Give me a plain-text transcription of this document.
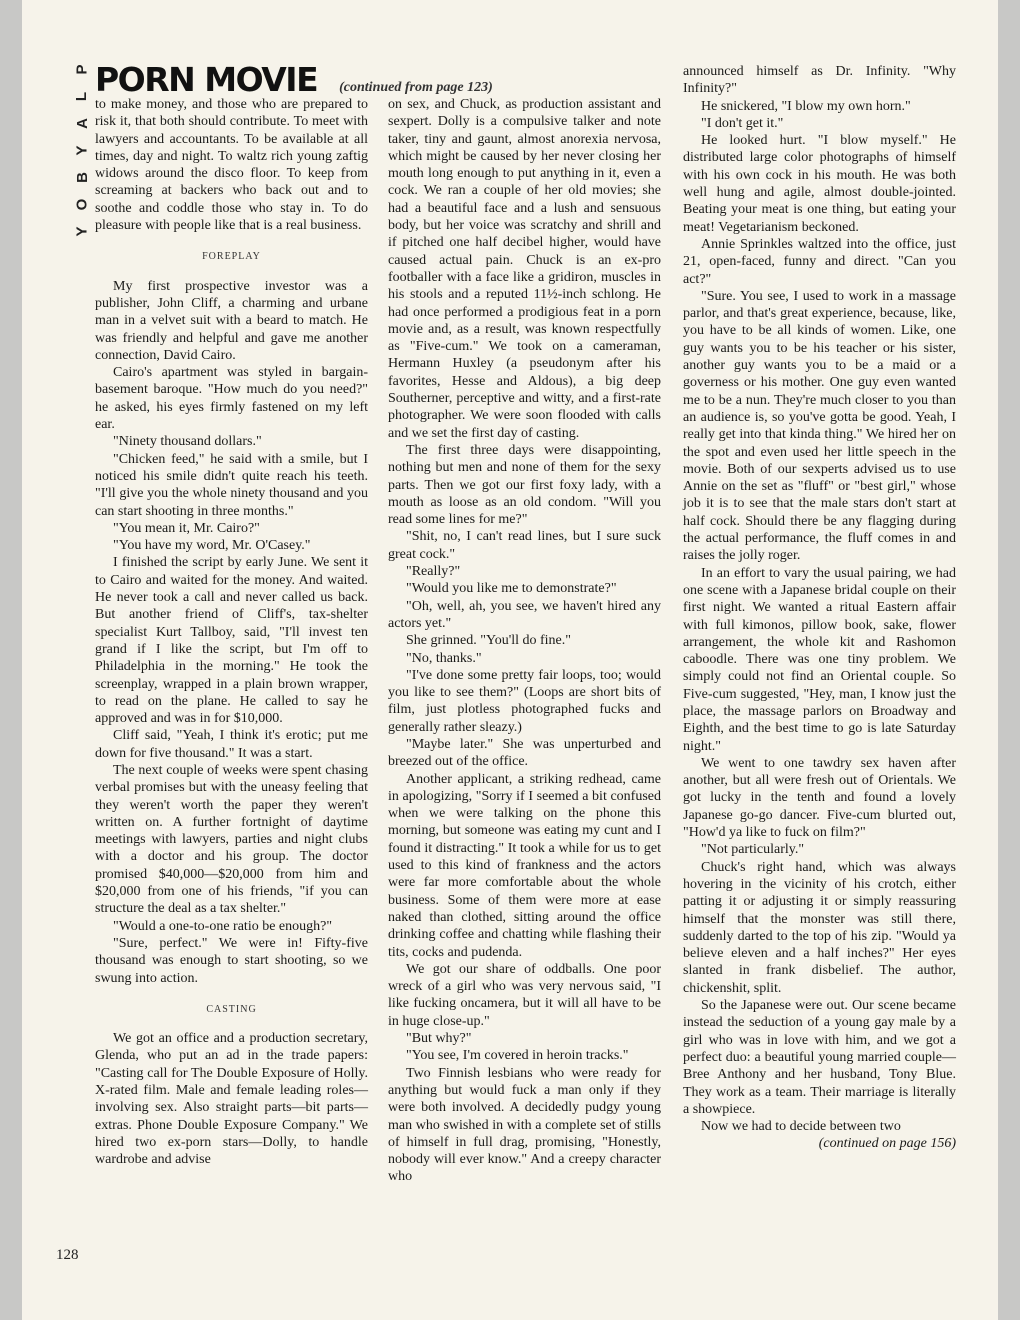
P
L
A
Y
B
O
Y
PORN MOVIE (continued from page 123)

to make money, and those who are prepared to risk it, that both should contribute. To meet with lawyers and accountants. To be available at all times, day and night. To waltz rich young zaftig widows around the disco floor. To keep from screaming at backers who back out and to soothe and coddle those who stay in. To do pleasure with people like that is a real business.

FOREPLAY

My first prospective investor was a publisher, John Cliff, a charming and urbane man in a velvet suit with a beard to match. He was friendly and helpful and gave me another connection, David Cairo.

Cairo's apartment was styled in bargain-basement baroque. "How much do you need?" he asked, his eyes firmly fastened on my left ear.

"Ninety thousand dollars."

"Chicken feed," he said with a smile, but I noticed his smile didn't quite reach his teeth. "I'll give you the whole ninety thousand and you can start shooting in three months."

"You mean it, Mr. Cairo?"

"You have my word, Mr. O'Casey."

I finished the script by early June. We sent it to Cairo and waited for the money. And waited. He never took a call and never called us back. But another friend of Cliff's, tax-shelter specialist Kurt Tallboy, said, "I'll invest ten grand if I like the script, but I'm off to Philadelphia in the morning." He took the screenplay, wrapped in a plain brown wrapper, to read on the plane. He called to say he approved and was in for $10,000.

Cliff said, "Yeah, I think it's erotic; put me down for five thousand." It was a start.

The next couple of weeks were spent chasing verbal promises but with the uneasy feeling that they weren't worth the paper they weren't written on. A further fortnight of daytime meetings with lawyers, parties and night clubs with a doctor and his group. The doctor promised $40,000—$20,000 from him and $20,000 from one of his friends, "if you can structure the deal as a tax shelter."

"Would a one-to-one ratio be enough?"

"Sure, perfect." We were in! Fifty-five thousand was enough to start shooting, so we swung into action.

CASTING

We got an office and a production secretary, Glenda, who put an ad in the trade papers: "Casting call for The Double Exposure of Holly. X-rated film. Male and female leading roles—involving sex. Also straight parts—bit parts—extras. Phone Double Exposure Company." We hired two ex-porn stars—Dolly, to handle wardrobe and advise

on sex, and Chuck, as production assistant and sexpert. Dolly is a compulsive talker and note taker, tiny and gaunt, almost anorexia nervosa, which might be caused by her never closing her mouth long enough to put anything in it, even a cock. We ran a couple of her old movies; she had a beautiful face and a lush and sensuous body, but her voice was scratchy and shrill and if pitched one half decibel higher, would have caused actual pain. Chuck is an ex-pro footballer with a face like a gridiron, muscles in his stools and a reputed 11½-inch schlong. He had once performed a prodigious feat in a porn movie and, as a result, was known respectfully as "Five-cum." We took on a cameraman, Hermann Huxley (a pseudonym after his favorites, Hesse and Aldous), a big deep Southerner, perceptive and witty, and a first-rate photographer. We were soon flooded with calls and we set the first day of casting.

The first three days were disappointing, nothing but men and none of them for the sexy parts. Then we got our first foxy lady, with a mouth as loose as an old condom. "Will you read some lines for me?"

"Shit, no, I can't read lines, but I sure suck great cock."

"Really?"

"Would you like me to demonstrate?"

"Oh, well, ah, you see, we haven't hired any actors yet."

She grinned. "You'll do fine."

"No, thanks."

"I've done some pretty fair loops, too; would you like to see them?" (Loops are short bits of film, just plotless photographed fucks and generally rather sleazy.)

"Maybe later." She was unperturbed and breezed out of the office.

Another applicant, a striking redhead, came in apologizing, "Sorry if I seemed a bit confused when we were talking on the phone this morning, but someone was eating my cunt and I found it distracting." It took a while for us to get used to this kind of frankness and the actors were far more comfortable about the whole business. Some of them were more at ease naked than clothed, sitting around the office drinking coffee and chatting while flashing their tits, cocks and pudenda.

We got our share of oddballs. One poor wreck of a girl who was very nervous said, "I like fucking oncamera, but it will all have to be in huge close-up."

"But why?"

"You see, I'm covered in heroin tracks."

Two Finnish lesbians who were ready for anything but would fuck a man only if they were both involved. A decidedly pudgy young man who swished in with a complete set of stills of himself in full drag, promising, "Honestly, nobody will ever know." And a creepy character who

announced himself as Dr. Infinity. "Why Infinity?"

He snickered, "I blow my own horn."

"I don't get it."

He looked hurt. "I blow myself." He distributed large color photographs of himself with his own cock in his mouth. He was both well hung and agile, almost double-jointed. Beating your meat is one thing, but eating your meat! Vegetarianism beckoned.

Annie Sprinkles waltzed into the office, just 21, open-faced, funny and direct. "Can you act?"

"Sure. You see, I used to work in a massage parlor, and that's great experience, because, like, you have to be all kinds of women. Like, one guy wants you to be his teacher or his sister, another guy wants you to be a maid or a governess or his mother. One guy even wanted me to be a nun. They're much closer to you than an audience is, so you've gotta be good. Yeah, I really get into that kinda thing." We hired her on the spot and even used her little speech in the movie. Both of our sexperts advised us to use Annie on the set as "fluff" or "best girl," whose job it is to see that the male stars don't start at half cock. Should there be any flagging during the actual performance, the fluff comes in and raises the jolly roger.

In an effort to vary the usual pairing, we had one scene with a Japanese bridal couple on their first night. We wanted a ritual Eastern affair with full kimonos, pillow book, sake, flower arrangement, the whole kit and Rashomon caboodle. There was one tiny problem. We simply could not find an Oriental couple. So Five-cum suggested, "Hey, man, I know just the place, the massage parlors on Broadway and Eighth, and the best time to go is late Saturday night."

We went to one tawdry sex haven after another, but all were fresh out of Orientals. We got lucky in the tenth and found a lovely Japanese go-go dancer. Five-cum blurted out, "How'd ya like to fuck on film?"

"Not particularly."

Chuck's right hand, which was always hovering in the vicinity of his crotch, either patting it or adjusting it or simply reassuring himself that the monster was still there, suddenly darted to the top of his zip. "Would ya believe eleven and a half inches?" Her eyes slanted in frank disbelief. The author, chickenshit, split.

So the Japanese were out. Our scene became instead the seduction of a young gay male by a girl who was in love with him, and we got a perfect duo: a beautiful young married couple—Bree Anthony and her husband, Tony Blue. They work as a team. Their marriage is literally a showpiece.

Now we had to decide between two

(continued on page 156)

128
